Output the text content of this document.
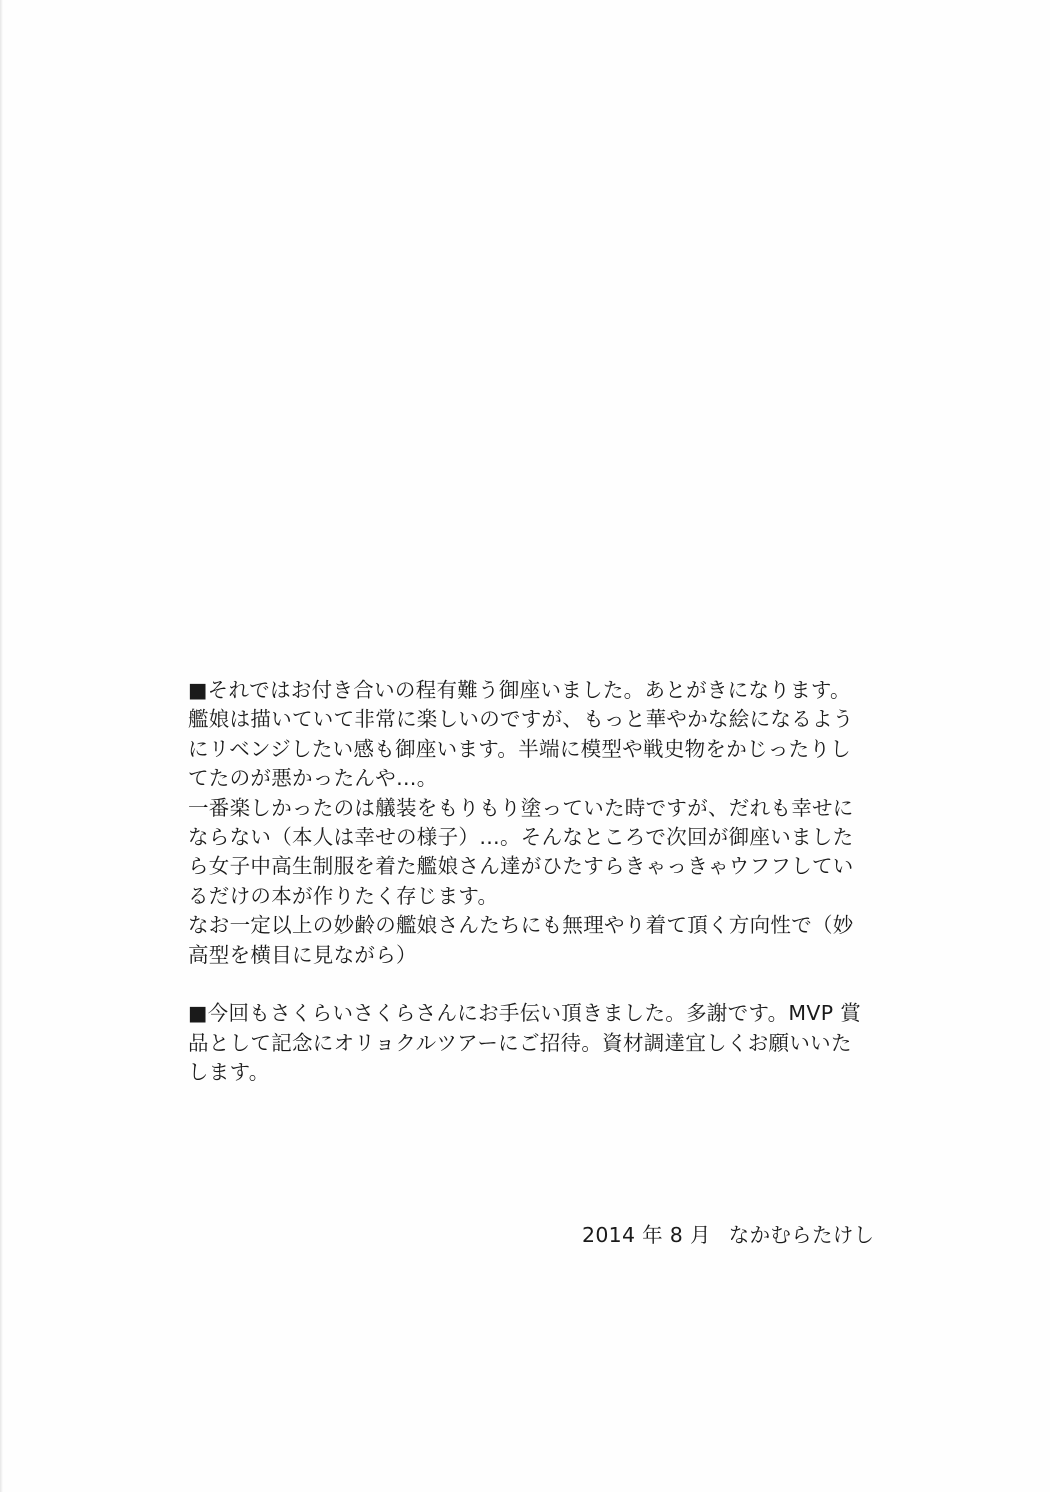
■それではお付き合いの程有難う御座いました。あとがきになります。
艦娘は描いていて非常に楽しいのですが、もっと華やかな絵になるよう
にリベンジしたい感も御座います。半端に模型や戦史物をかじったりし
てたのが悪かったんや…。
一番楽しかったのは艤装をもりもり塗っていた時ですが、だれも幸せに
ならない（本人は幸せの様子）…。そんなところで次回が御座いました
ら女子中高生制服を着た艦娘さん達がひたすらきゃっきゃウフフしてい
るだけの本が作りたく存じます。
なお一定以上の妙齢の艦娘さんたちにも無理やり着て頂く方向性で（妙
高型を横目に見ながら）
■今回もさくらいさくらさんにお手伝い頂きました。多謝です。MVP 賞
品として記念にオリョクルツアーにご招待。資材調達宜しくお願いいた
します。
2014 年 8 月 なかむらたけし
